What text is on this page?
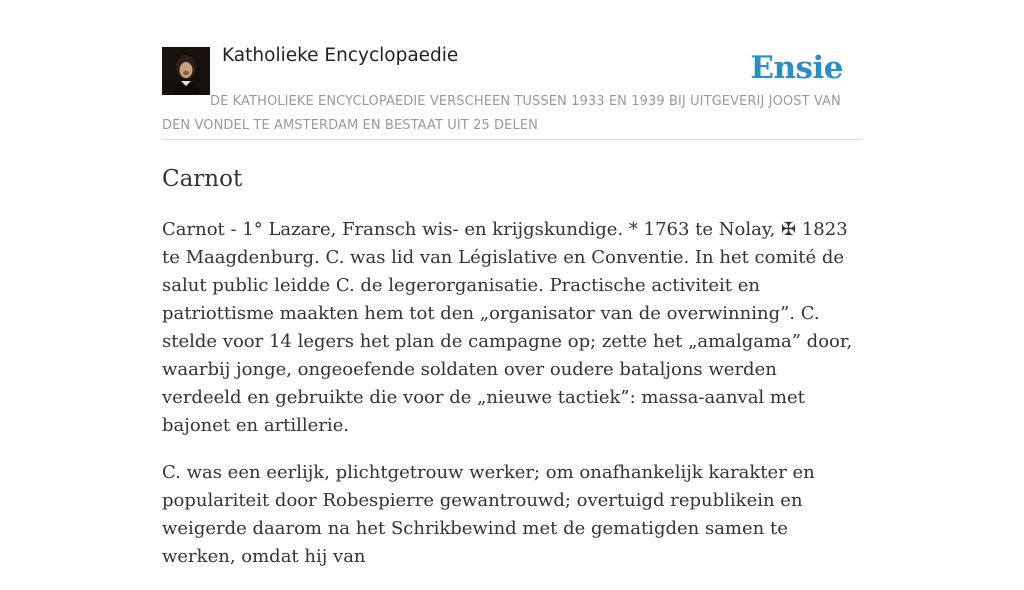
Katholieke Encyclopaedie	Ensie

DE KATHOLIEKE ENCYCLOPAEDIE VERSCHEEN TUSSEN 1933 EN 1939 BIJ UITGEVERIJ JOOST VAN DEN VONDEL TE AMSTERDAM EN BESTAAT UIT 25 DELEN

Carnot

Carnot - 1° Lazare, Fransch wis- en krijgskundige. * 1763 te Nolay, ✠ 1823 te Maagdenburg. C. was lid van Législative en Conventie. In het comité de salut public leidde C. de legerorganisatie. Practische activiteit en patriottisme maakten hem tot den „organisator van de overwinning”. C. stelde voor 14 legers het plan de campagne op; zette het „amalgama” door, waarbij jonge, ongeoefende soldaten over oudere bataljons werden verdeeld en gebruikte die voor de „nieuwe tactiek”: massa-aanval met bajonet en artillerie.

C. was een eerlijk, plichtgetrouw werker; om onafhankelijk karakter en populariteit door Robespierre gewantrouwd; overtuigd republikein en weigerde daarom na het Schrikbewind met de gematigden samen te werken, omdat hij van
